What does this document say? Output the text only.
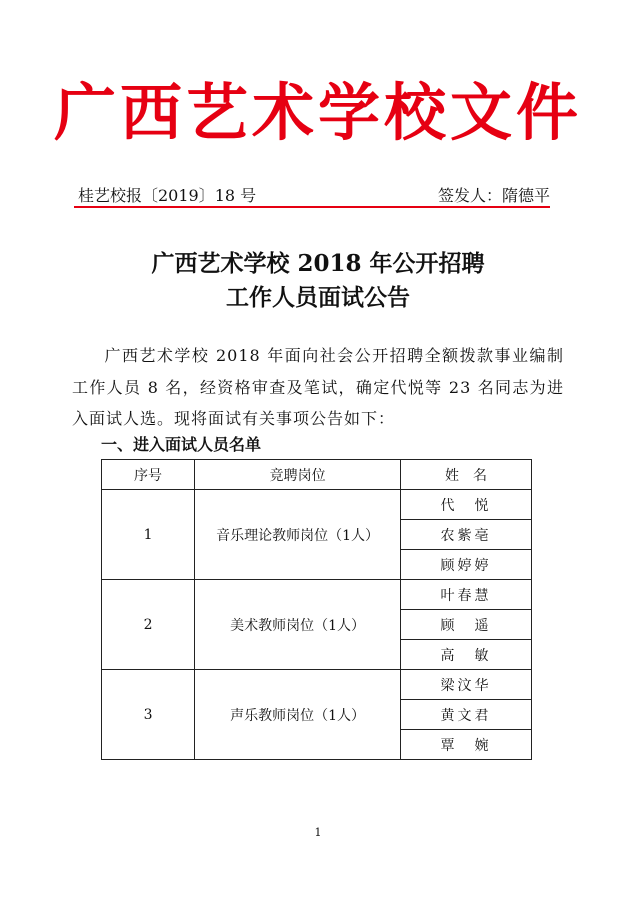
广西艺术学校文件
桂艺校报〔2019〕18 号	签发人：隋德平
广西艺术学校 2018 年公开招聘
工作人员面试公告
广西艺术学校 2018 年面向社会公开招聘全额拨款事业编制工作人员 8 名，经资格审查及笔试，确定代悦等 23 名同志为进入面试人选。现将面试有关事项公告如下：
一、进入面试人员名单
序号	竞聘岗位	姓　名
1	音乐理论教师岗位（1人）	代　悦
		农紫亳
		顾婷婷
2	美术教师岗位（1人）	叶春慧
		顾　遥
		高　敏
3	声乐教师岗位（1人）	梁汶华
		黄文君
		覃　婉
1
